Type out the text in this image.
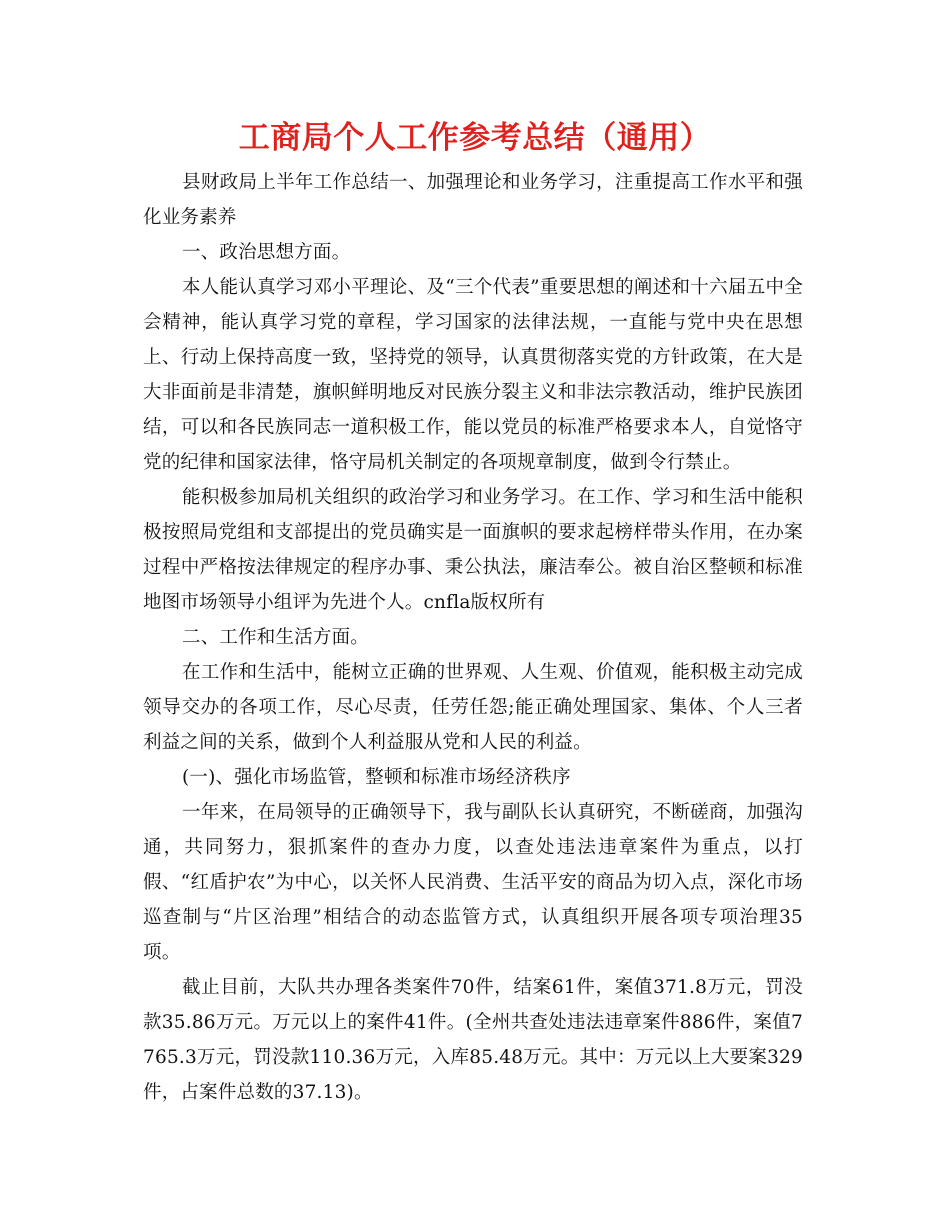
工商局个人工作参考总结（通用）

县财政局上半年工作总结一、加强理论和业务学习，注重提高工作水平和强化业务素养

一、政治思想方面。

本人能认真学习邓小平理论、及“三个代表”重要思想的阐述和十六届五中全会精神，能认真学习党的章程，学习国家的法律法规，一直能与党中央在思想上、行动上保持高度一致，坚持党的领导，认真贯彻落实党的方针政策，在大是大非面前是非清楚，旗帜鲜明地反对民族分裂主义和非法宗教活动，维护民族团结，可以和各民族同志一道积极工作，能以党员的标准严格要求本人，自觉恪守党的纪律和国家法律，恪守局机关制定的各项规章制度，做到令行禁止。

能积极参加局机关组织的政治学习和业务学习。在工作、学习和生活中能积极按照局党组和支部提出的党员确实是一面旗帜的要求起榜样带头作用，在办案过程中严格按法律规定的程序办事、秉公执法，廉洁奉公。被自治区整顿和标准地图市场领导小组评为先进个人。cnfla版权所有

二、工作和生活方面。

在工作和生活中，能树立正确的世界观、人生观、价值观，能积极主动完成领导交办的各项工作，尽心尽责，任劳任怨;能正确处理国家、集体、个人三者利益之间的关系，做到个人利益服从党和人民的利益。

(一)、强化市场监管，整顿和标准市场经济秩序

一年来，在局领导的正确领导下，我与副队长认真研究，不断磋商，加强沟通，共同努力，狠抓案件的查办力度，以查处违法违章案件为重点，以打假、“红盾护农”为中心，以关怀人民消费、生活平安的商品为切入点，深化市场巡查制与“片区治理”相结合的动态监管方式，认真组织开展各项专项治理35项。

截止目前，大队共办理各类案件70件，结案61件，案值371.8万元，罚没款35.86万元。万元以上的案件41件。(全州共查处违法违章案件886件，案值7765.3万元，罚没款110.36万元，入库85.48万元。其中：万元以上大要案329件，占案件总数的37.13)。
